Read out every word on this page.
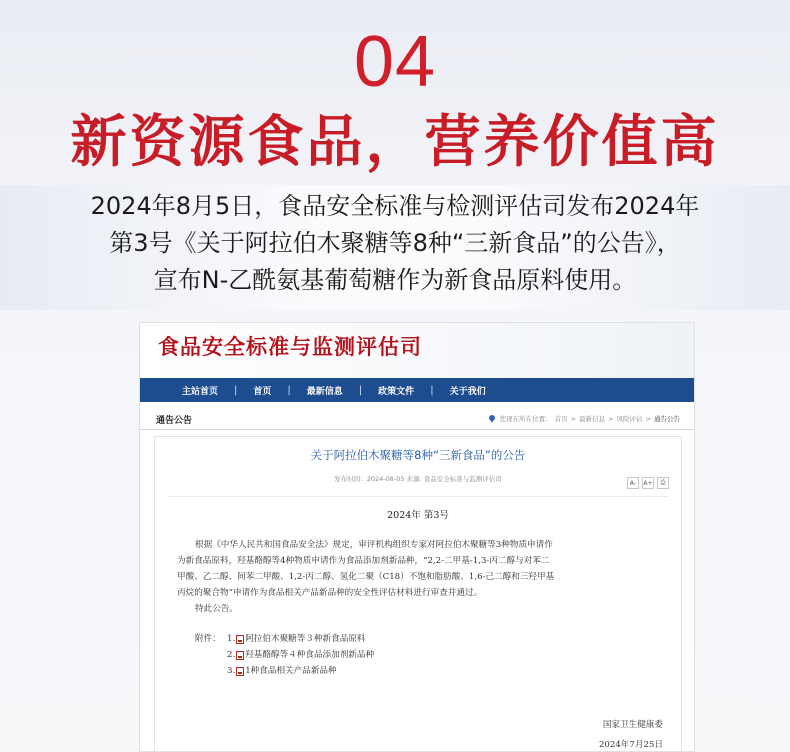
04
新资源食品，营养价值高
2024年8月5日，食品安全标准与检测评估司发布2024年
第3号《关于阿拉伯木聚糖等8种“三新食品”的公告》，
宣布N-乙酰氨基葡萄糖作为新食品原料使用。
食品安全标准与监测评估司
主站首页	|	首页	|	最新信息	|	政策文件	|	关于我们
通告公告	您现在所在位置： 首页 > 最新信息 > 风险评估 > 通告公告
关于阿拉伯木聚糖等8种“三新食品”的公告
发布时间：2024-08-05 来源: 食品安全标准与监测评估司	A-	A+	⎙
2024年 第3号
根据《中华人民共和国食品安全法》规定，审评机构组织专家对阿拉伯木聚糖等3种物质申请作
为新食品原料，羟基酪醇等4种物质申请作为食品添加剂新品种，“2,2-二甲基-1,3-丙二醇与对苯二
甲酸、乙二醇、间苯二甲酸、1,2-丙二醇、氢化二聚（C18）不饱和脂肪酸、1,6-己二醇和三羟甲基
丙烷的聚合物”申请作为食品相关产品新品种的安全性评估材料进行审查并通过。
特此公告。
附件： 1. 阿拉伯木聚糖等３种新食品原料
2. 羟基酪醇等４种食品添加剂新品种
3. 1种食品相关产品新品种
国家卫生健康委
2024年7月25日
